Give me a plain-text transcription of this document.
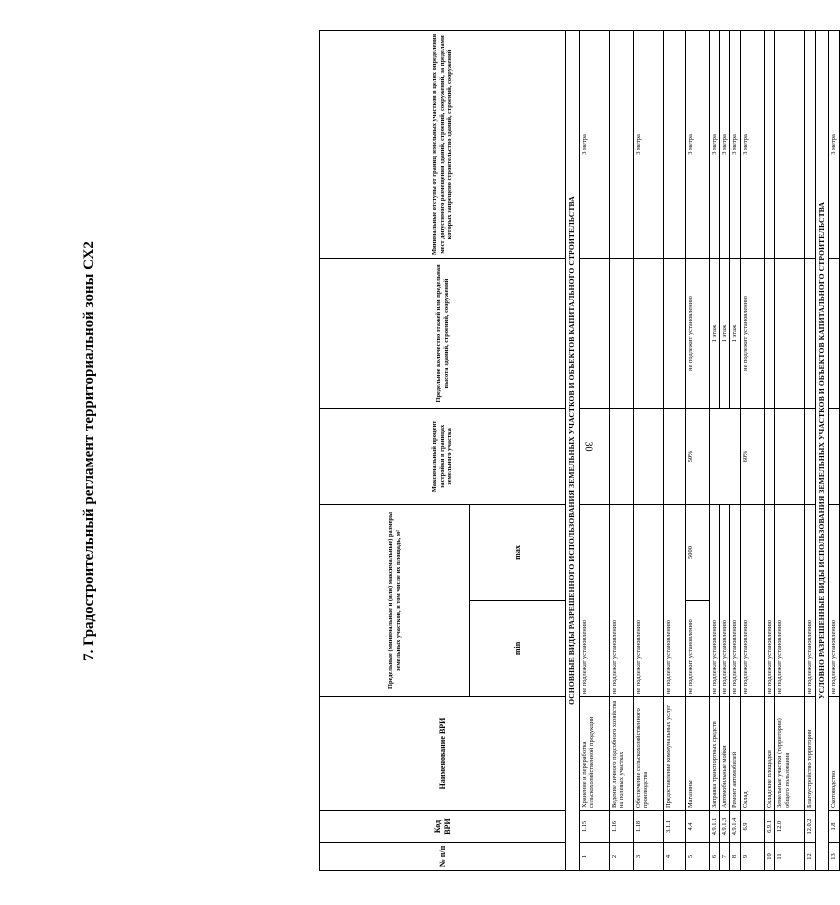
30
7. Градостроительный регламент территориальной зоны СХ2
№ п/п	Код ВРИ	Наименование ВРИ	Предельные (минимальные и (или) максимальные) размеры земельных участков, в том числе их площадь, м²		Максимальный процент застройки в границах земельного участка	Предельное количество этажей или предельная высота зданий, строений, сооружений	Минимальные отступы от границ земельных участков в целях определения мест допустимого размещения зданий, строений, сооружений, за пределами которых запрещено строительство зданий, строений, сооружений
			min	max			
ОСНОВНЫЕ ВИДЫ РАЗРЕШЕННОГО ИСПОЛЬЗОВАНИЯ ЗЕМЕЛЬНЫХ УЧАСТКОВ И ОБЪЕКТОВ КАПИТАЛЬНОГО СТРОИТЕЛЬСТВА							
1	1.15	Хранение и переработка сельскохозяйственной продукции	не подлежат установлению				3 метра
2	1.16	Ведение личного подсобного хозяйства на полевых участках	не подлежат установлению				
3	1.18	Обеспечение сельскохозяйственного производства	не подлежат установлению				3 метра
4	3.1.1	Предоставление коммунальных услуг	не подлежат установлению				
5	4.4	Магазины	не подлежит установлению	5000	50%	не подлежит установлению	3 метра
6	4.9.1.1	Заправка транспортных средств	не подлежат установлению			1 этаж	3 метра
7	4.9.1.3	Автомобильные мойки	не подлежат установлению			1 этаж	3 метра
8	4.9.1.4	Ремонт автомобилей	не подлежат установлению			1 этаж	3 метра
9	6.9	Склад	не подлежат установлению		60%	не подлежит установлению	3 метра
10	6.9.1	Складские площадки	не подлежат установлению				
11	12.0	Земельные участки (территории) общего пользования	не подлежат установлению				
12	12.0.2	Благоустройство территории	не подлежат установлению				
УСЛОВНО РАЗРЕШЕННЫЕ ВИДЫ ИСПОЛЬЗОВАНИЯ ЗЕМЕЛЬНЫХ УЧАСТКОВ И ОБЪЕКТОВ КАПИТАЛЬНОГО СТРОИТЕЛЬСТВА							
13	1.8	Скотоводство	не подлежат установлению				3 метра
